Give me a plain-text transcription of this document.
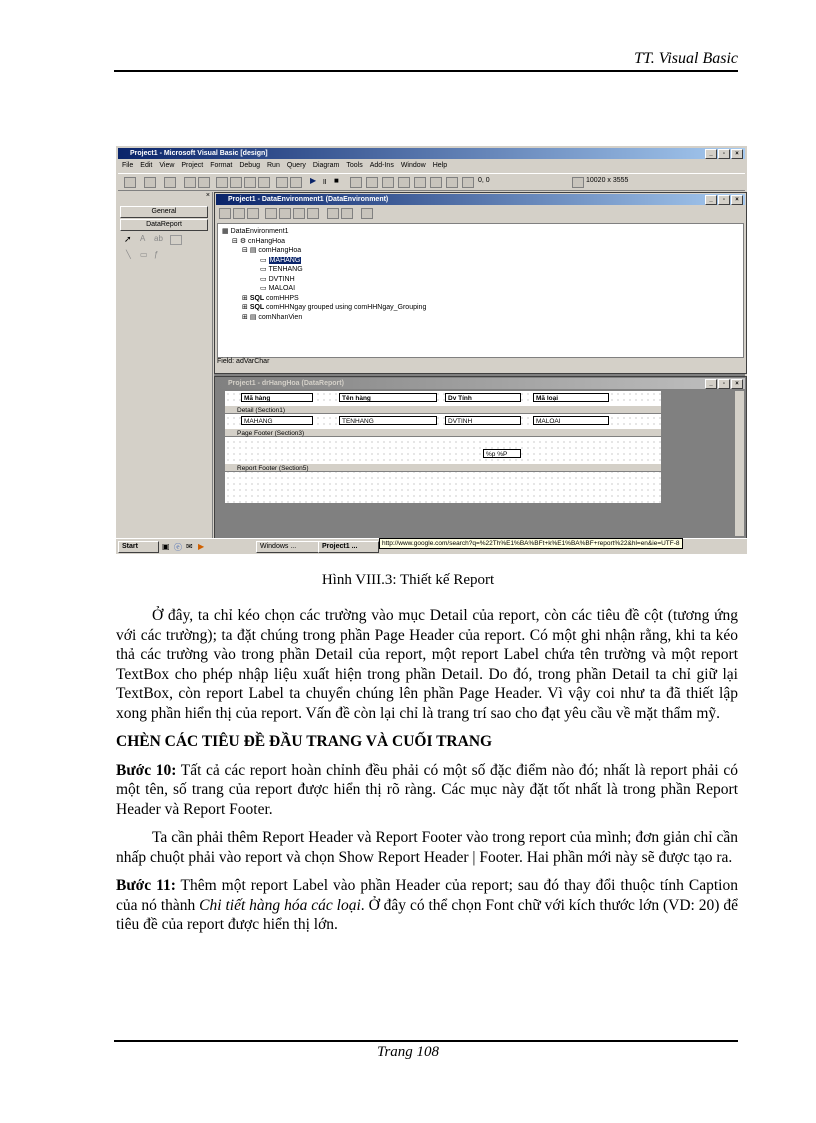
TT. Visual Basic
Project1 - Microsoft Visual Basic [design]	_	▫	×
File Edit View Project Format Debug Run Query Diagram Tools Add-Ins Window Help
▶ ॥ ■	0, 0	10020 x 3555
×
General
DataReport
➚ A ab
╲ ▭ ƒ
Project1 - DataEnvironment1 (DataEnvironment)	_	▫	×
▦ DataEnvironment1
⊟ ⚙ cnHangHoa
⊟ ▤ comHangHoa
▭ MAHANG
▭ TENHANG
▭ DVTINH
▭ MALOAI
⊞ SQL comHHPS
⊞ SQL comHHNgay grouped using comHHNgay_Grouping
⊞ ▤ comNhanVien
Field: adVarChar
Project1 - drHangHoa (DataReport)	_	▫	×
Mã hàng	Tên hàng	Dv Tính	Mã loại
Detail (Section1)
MAHANG	TENHANG	DVTINH	MALOAI
Page Footer (Section3)
%p %P
Report Footer (Section5)
Start	▣ ⓔ ✉ ▶	Windows ...	Project1 ...	http://www.google.com/search?q=%22Th%E1%BA%BFt+k%E1%BA%BF+report%22&hl=en&ie=UTF-8
Hình VIII.3: Thiết kế Report

Ở đây, ta chỉ kéo chọn các trường vào mục Detail của report, còn các tiêu đề cột (tương ứng với các trường); ta đặt chúng trong phần Page Header của report. Có một ghi nhận rằng, khi ta kéo thả các trường vào trong phần Detail của report, một report Label chứa tên trường và một report TextBox cho phép nhập liệu xuất hiện trong phần Detail. Do đó, trong phần Detail ta chỉ giữ lại TextBox, còn report Label ta chuyển chúng lên phần Page Header. Vì vậy coi như ta đã thiết lập xong phần hiển thị của report. Vấn đề còn lại chỉ là trang trí sao cho đạt yêu cầu về mặt thẩm mỹ.

CHÈN CÁC TIÊU ĐỀ ĐẦU TRANG VÀ CUỐI TRANG

Bước 10: Tất cả các report hoàn chỉnh đều phải có một số đặc điểm nào đó; nhất là report phải có một tên, số trang của report được hiển thị rõ ràng. Các mục này đặt tốt nhất là trong phần Report Header và Report Footer.

Ta cần phải thêm Report Header và Report Footer vào trong report của mình; đơn giản chỉ cần nhấp chuột phải vào report và chọn Show Report Header | Footer. Hai phần mới này sẽ được tạo ra.

Bước 11: Thêm một report Label vào phần Header của report; sau đó thay đổi thuộc tính Caption của nó thành Chi tiết hàng hóa các loại. Ở đây có thể chọn Font chữ với kích thước lớn (VD: 20) để tiêu đề của report được hiển thị lớn.

Trang 108
